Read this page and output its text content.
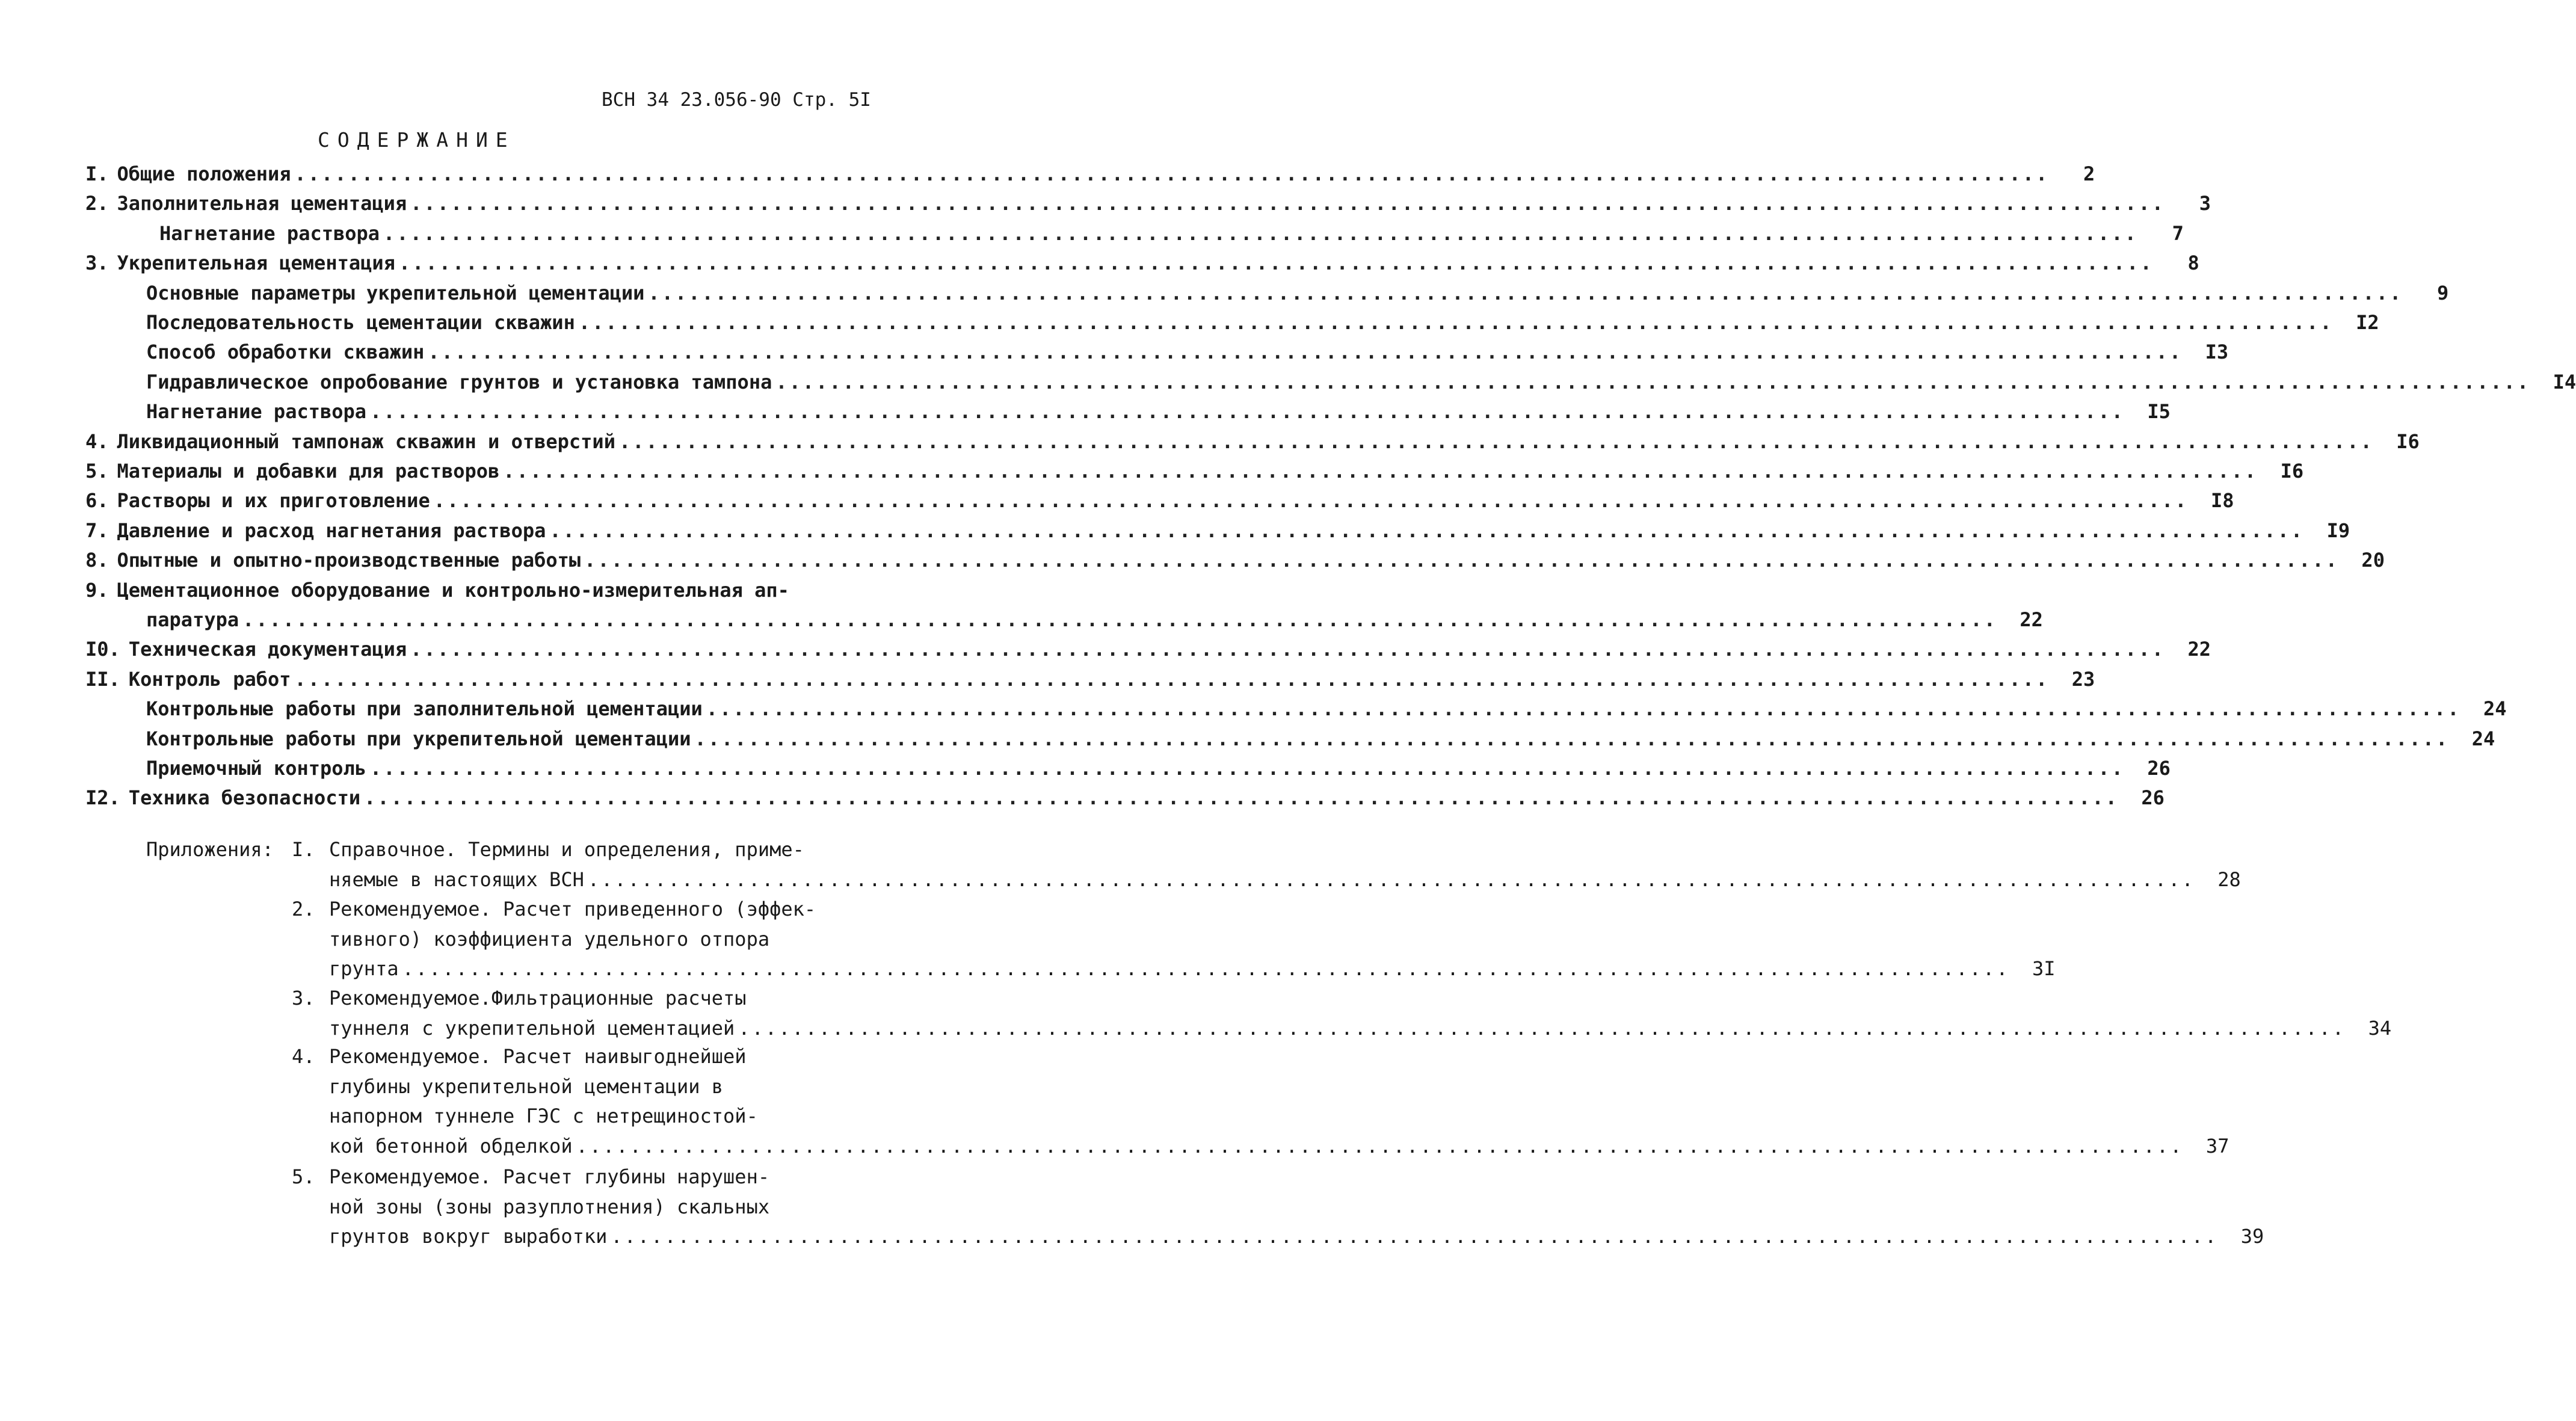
ВСН 34 23.056-90 Стр. 5I
СОДЕРЖАНИЕ
I. Общие положения .....	2
2. Заполнительная цементация .....	3
Нагнетание раствора .....	7
3. Укрепительная цементация .....	8
Основные параметры укрепительной цементации .....	9
Последовательность цементации скважин .....	I2
Способ обработки скважин .....	I3
Гидравлическое опробование грунтов и установка тампона .....	I4
Нагнетание раствора .....	I5
4. Ликвидационный тампонаж скважин и отверстий .....	I6
5. Материалы и добавки для растворов .....	I6
6. Растворы и их приготовление .....	I8
7. Давление и расход нагнетания раствора .....	I9
8. Опытные и опытно-производственные работы .....	20
9. Цементационное оборудование и контрольно-измерительная ап-
паратура .....	22
I0. Техническая документация .....	22
II. Контроль работ .....	23
Контрольные работы при заполнительной цементации .....	24
Контрольные работы при укрепительной цементации .....	24
Приемочный контроль .....	26
I2. Техника безопасности .....	26
Приложения: I. Справочное. Термины и определения, приме-
няемые в настоящих ВСН ........................................................................................................................	28
2. Рекомендуемое. Расчет приведенного (эффек-
тивного) коэффициента удельного отпора
грунта ........................................................................................................................	3I
3. Рекомендуемое.Фильтрационные расчеты
туннеля с укрепительной цементацией ........................................................................................................................	34
4. Рекомендуемое. Расчет наивыгоднейшей
глубины укрепительной цементации в
напорном туннеле ГЭС с нетрещиностой-
кой бетонной обделкой ........................................................................................................................	37
5. Рекомендуемое. Расчет глубины нарушен-
ной зоны (зоны разуплотнения) скальных
грунтов вокруг выработки ........................................................................................................................	39
